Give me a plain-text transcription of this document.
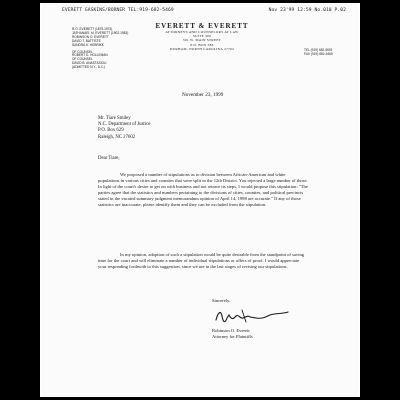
EVERETT GASKINS/BORNER TEL:919-682-5469	Nov 23'99 12:59 No.010 P.02
EVERETT & EVERETT
ATTORNEYS AND COUNSELORS AT LAW
SUITE 300
301 W. MAIN STREET
P.O. BOX 586
DURHAM, NORTH CAROLINA 27702
R.O. EVERETT (1879-1974)
JATHANAEL M. EVERETT (1902-1953)
ROBINSON O. EVERETT
DAVID T. BATTISTE
SANDRA K. HEBRIKK
OF COUNSEL
ROBERT D. HOLLEMAN
OF COUNSEL
DAVID B. ANASTASIOU
(ADMITTED N.Y., D.C.)
TEL (919) 682-5691
FAX (919) 682-5469
November 23, 1999
Mr. Tiare Smiley
N.C. Department of Justice
P.O. Box 629
Raleigh, NC 27602
Dear Tiare,
We proposed a number of stipulations as to division between African-American and white populations in various cities and counties that were split in the 12th District. You rejected a large number of those. In light of the court's desire to get on with business and not retrace its steps, I would propose this stipulation: "The parties agree that the statistics and numbers pertaining to the divisions of cities, counties, and political precincts stated in the vacated summary judgment memorandum opinion of April 14, 1998 are accurate." If any of those statistics are inaccurate, please identify them and they can be excluded from the stipulation.
In my opinion, adoption of such a stipulation would be quite desirable from the standpoint of saving time for the court and will eliminate a number of individual stipulations or offers of proof. I would appreciate your responding forthwith to this suggestion, since we are in the last stages of revising our stipulations.
Sincerely,
Robinson O. Everett
Attorney for Plaintiffs
